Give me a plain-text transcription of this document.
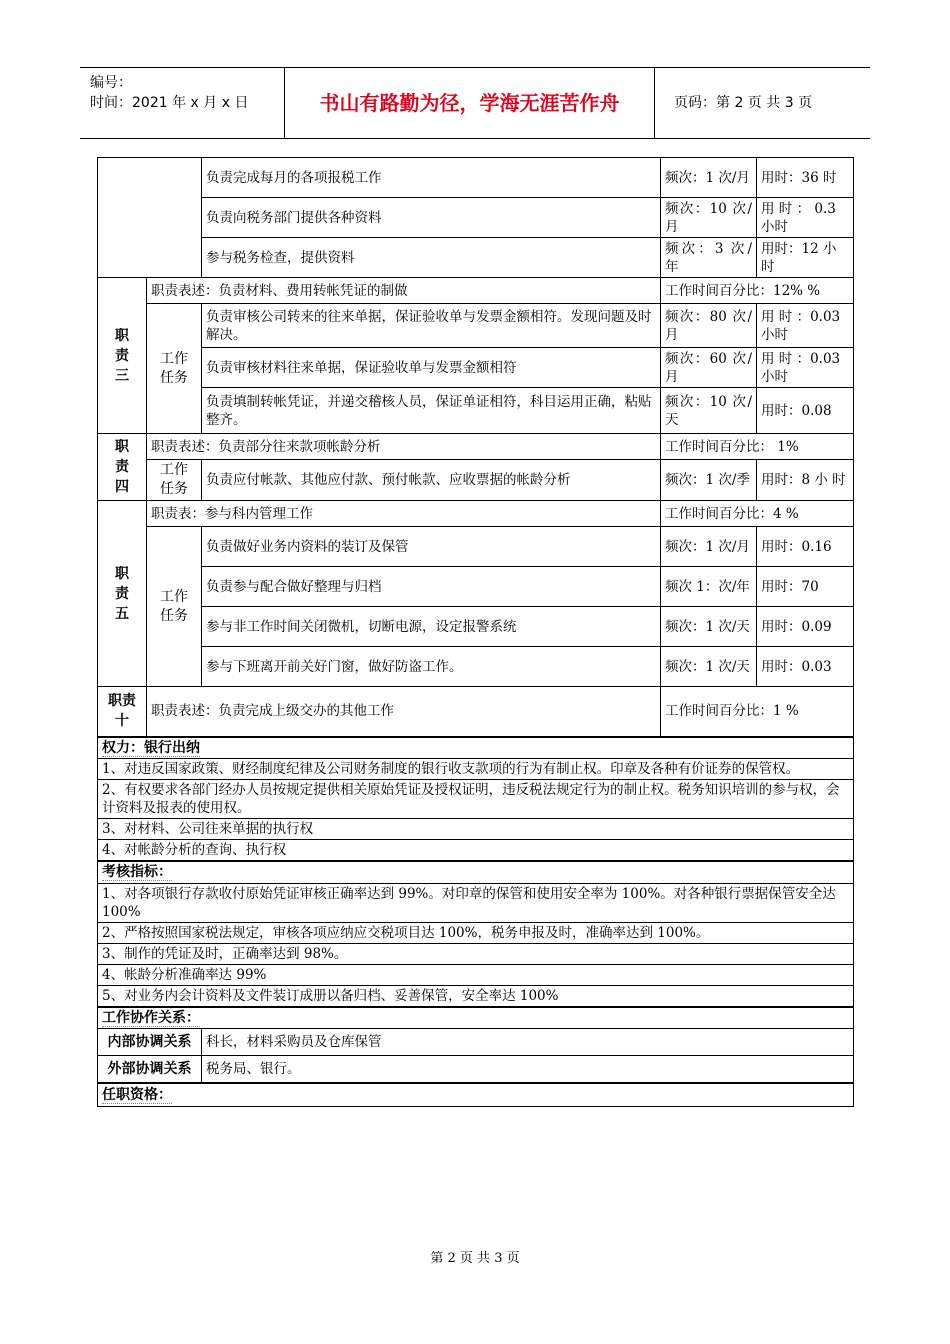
编号：
时间：2021 年 x 月 x 日	书山有路勤为径，学海无涯苦作舟	页码：第 2 页 共 3 页
		负责完成每月的各项报税工作	频次：1 次/月	用时：36 时
		负责向税务部门提供各种资料	频次：10 次/ 月	用 时 ： 0.3 小时
		参与税务检查，提供资料	频次：3 次/ 年	用时：12 小 时

职责三	职责表述：负责材料、费用转帐凭证的制做		工作时间百分比：12% %	

	工作任务	负责审核公司转来的往来单据，保证验收单与发票金额相符。发现问题及时解决。	频次：80 次/ 月	用 时 ：0.03 小时
		负责审核材料往来单据，保证验收单与发票金额相符	频次：60 次/ 月	用 时 ：0.03 小时
		负责填制转帐凭证，并递交稽核人员，保证单证相符，科目运用正确，粘贴整齐。	频次：10 次/天	用时：0.08

职责四	职责表述：负责部分往来款项帐龄分析		工作时间百分比： 1%	

	工作任务	负责应付帐款、其他应付款、预付帐款、应收票据的帐龄分析	频次：1 次/季	用时：8 小 时

职责五	职责表：参与科内管理工作		工作时间百分比：4 %	

	工作任务	负责做好业务内资料的装订及保管	频次：1 次/月	用时：0.16
		负责参与配合做好整理与归档	频次 1：次/年	用时：70
		参与非工作时间关闭微机，切断电源，设定报警系统	频次：1 次/天	用时：0.09
		参与下班离开前关好门窗，做好防盗工作。	频次：1 次/天	用时：0.03

职责十	职责表述：负责完成上级交办的其他工作		工作时间百分比：1 %	
权力：银行出纳				
1、对违反国家政策、财经制度纪律及公司财务制度的银行收支款项的行为有制止权。印章及各种有价证券的保管权。				
2、有权要求各部门经办人员按规定提供相关原始凭证及授权证明，违反税法规定行为的制止权。税务知识培训的参与权，会计资料及报表的使用权。				
3、对材料、公司往来单据的执行权				
4、对帐龄分析的查询、执行权				
考核指标：				
1、对各项银行存款收付原始凭证审核正确率达到 99%。对印章的保管和使用安全率为 100%。对各种银行票据保管安全达 100%				
2、严格按照国家税法规定，审核各项应纳应交税项目达 100%，税务申报及时，准确率达到 100%。				
3、制作的凭证及时，正确率达到 98%。				
4、帐龄分析准确率达 99%				
5、对业务内会计资料及文件装订成册以备归档、妥善保管，安全率达 100%				
工作协作关系：				
内部协调关系		科长，材料采购员及仓库保管		
外部协调关系		税务局、银行。		
任职资格：				
第 2 页 共 3 页
